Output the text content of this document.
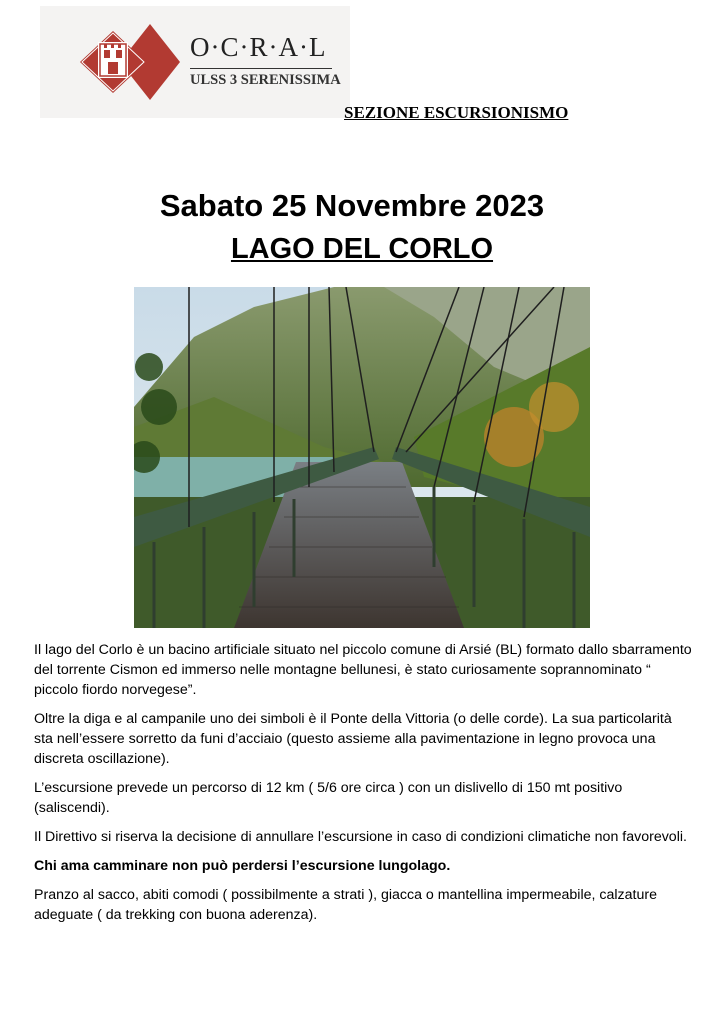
O·C·R·A·L
ULSS 3 SERENISSIMA
SEZIONE ESCURSIONISMO
Sabato 25 Novembre 2023
LAGO DEL CORLO

Il lago del Corlo è un bacino artificiale situato nel piccolo comune di Arsié (BL) formato dallo sbarramento del torrente Cismon ed immerso nelle montagne bellunesi, è stato curiosamente soprannominato “ piccolo fiordo norvegese”.

Oltre la diga e al campanile uno dei simboli è il Ponte della Vittoria (o delle corde). La sua particolarità sta nell’essere sorretto da funi d’acciaio (questo assieme alla pavimentazione in legno provoca una discreta oscillazione).

L’escursione prevede un percorso di 12 km ( 5/6 ore circa ) con un dislivello di 150 mt positivo (saliscendi).

Il Direttivo si riserva la decisione di annullare l’escursione in caso di condizioni climatiche non favorevoli.

Chi ama camminare non può perdersi l’escursione lungolago.

Pranzo al sacco, abiti comodi ( possibilmente a strati ), giacca o mantellina impermeabile, calzature adeguate ( da trekking con buona aderenza).
